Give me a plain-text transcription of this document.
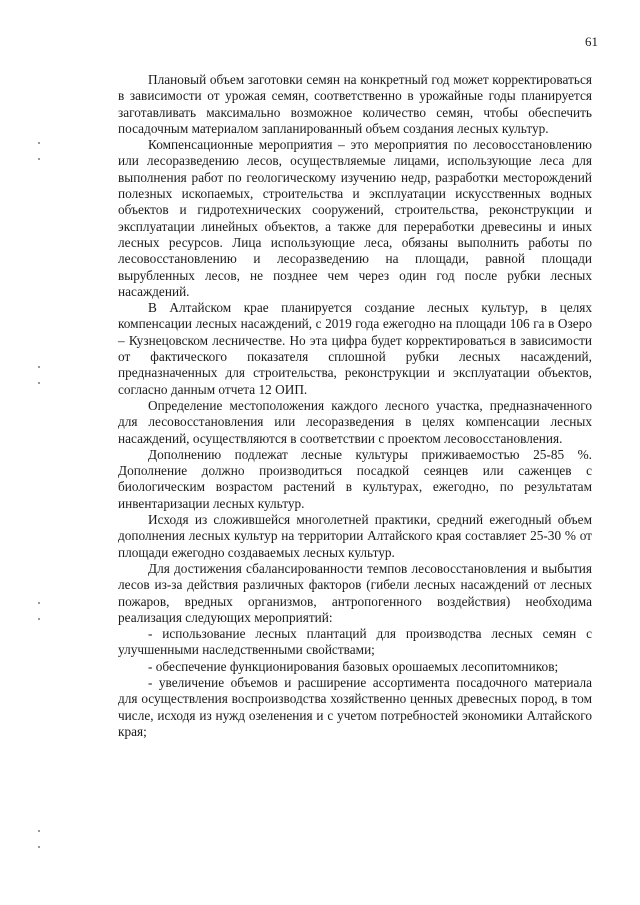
61

Плановый объем заготовки семян на конкретный год может корректироваться в зависимости от урожая семян, соответственно в урожайные годы планируется заготавливать максимально возможное количество семян, чтобы обеспечить посадочным материалом запланированный объем создания лесных культур.

Компенсационные мероприятия – это мероприятия по лесовосстановлению или лесоразведению лесов, осуществляемые лицами, использующие леса для выполнения работ по геологическому изучению недр, разработки месторождений полезных ископаемых, строительства и эксплуатации искусственных водных объектов и гидротехнических сооружений, строительства, реконструкции и эксплуатации линейных объектов, а также для переработки древесины и иных лесных ресурсов. Лица использующие леса, обязаны выполнить работы по лесовосстановлению и лесоразведению на площади, равной площади вырубленных лесов, не позднее чем через один год после рубки лесных насаждений.

В Алтайском крае планируется создание лесных культур, в целях компенсации лесных насаждений, с 2019 года ежегодно на площади 106 га в Озеро – Кузнецовском лесничестве. Но эта цифра будет корректироваться в зависимости от фактического показателя сплошной рубки лесных насаждений, предназначенных для строительства, реконструкции и эксплуатации объектов, согласно данным отчета 12 ОИП.

Определение местоположения каждого лесного участка, предназначенного для лесовосстановления или лесоразведения в целях компенсации лесных насаждений, осуществляются в соответствии с проектом лесовосстановления.

Дополнению подлежат лесные культуры приживаемостью 25-85 %. Дополнение должно производиться посадкой сеянцев или саженцев с биологическим возрастом растений в культурах, ежегодно, по результатам инвентаризации лесных культур.

Исходя из сложившейся многолетней практики, средний ежегодный объем дополнения лесных культур на территории Алтайского края составляет 25-30 % от площади ежегодно создаваемых лесных культур.

Для достижения сбалансированности темпов лесовосстановления и выбытия лесов из-за действия различных факторов (гибели лесных насаждений от лесных пожаров, вредных организмов, антропогенного воздействия) необходима реализация следующих мероприятий:

- использование лесных плантаций для производства лесных семян с улучшенными наследственными свойствами;

- обеспечение функционирования базовых орошаемых лесопитомников;

- увеличение объемов и расширение ассортимента посадочного материала для осуществления воспроизводства хозяйственно ценных древесных пород, в том числе, исходя из нужд озеленения и с учетом потребностей экономики Алтайского края;
